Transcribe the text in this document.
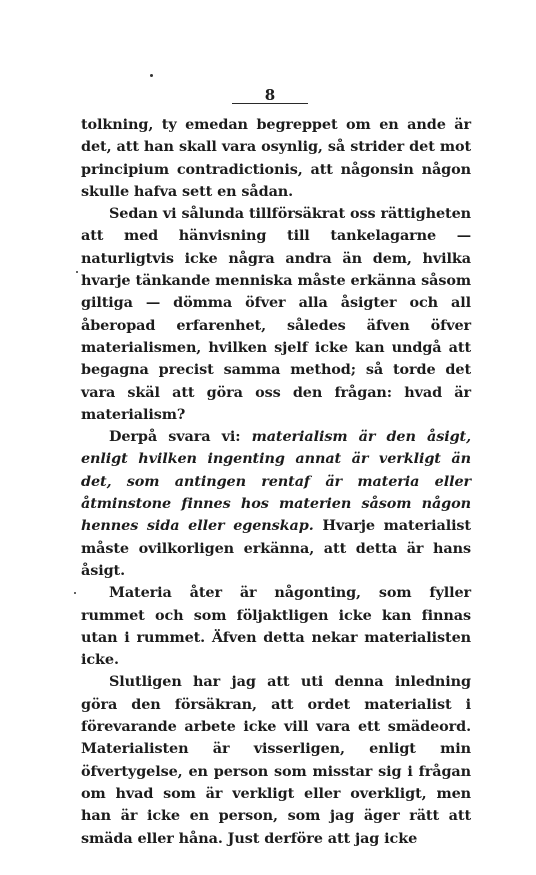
8

tolkning, ty emedan begreppet om en ande är det, att han skall vara osynlig, så strider det mot principium contradictionis, att någonsin någon skulle hafva sett en sådan.

Sedan vi sålunda tillförsäkrat oss rättigheten att med hänvisning till tankelagarne — naturligtvis icke några andra än dem, hvilka hvarje tänkande menniska måste erkänna såsom giltiga — dömma öfver alla åsigter och all åberopad erfarenhet, således äfven öfver materialismen, hvilken sjelf icke kan undgå att begagna precist samma method; så torde det vara skäl att göra oss den frågan: hvad är materialism?

Derpå svara vi: materialism är den åsigt, enligt hvilken ingenting annat är verkligt än det, som antingen rentaf är materia eller åtminstone finnes hos materien såsom någon hennes sida eller egenskap. Hvarje materialist måste ovilkorligen erkänna, att detta är hans åsigt.

Materia åter är någonting, som fyller rummet och som följaktligen icke kan finnas utan i rummet. Äfven detta nekar materialisten icke.

Slutligen har jag att uti denna inledning göra den försäkran, att ordet materialist i förevarande arbete icke vill vara ett smädeord. Materialisten är visserligen, enligt min öfvertygelse, en person som misstar sig i frågan om hvad som är verkligt eller overkligt, men han är icke en person, som jag äger rätt att smäda eller håna. Just derföre att jag icke
